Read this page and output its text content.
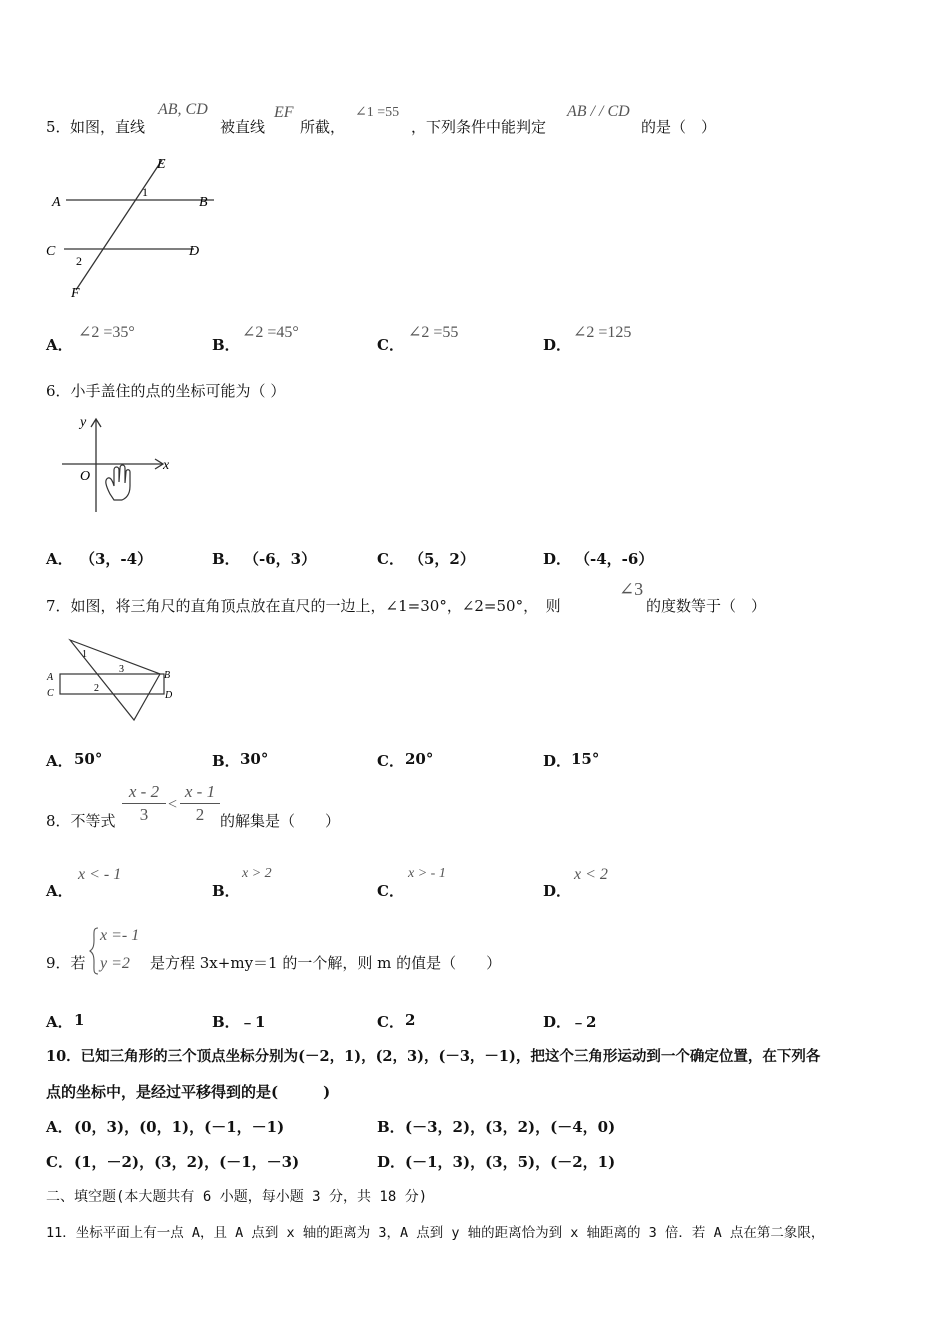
5． 如图，直线
AB, CD
被直线
EF
所截，
∠1 =55
，下列条件中能判定
AB / / CD
的是（　）
E
A	B
1
C	D
2
F
A．
∠2 =35°
B．
∠2 =45°
C．
∠2 =55
D．
∠2 =125
6．小手盖住的点的坐标可能为（ ）
y
x
O
A． （3，-4）	B． （-6，3）	C． （5，2）	D． （-4，-6）
7．如图，将三角尺的直角顶点放在直尺的一边上，∠1=30°，∠2=50°，　则
∠3
的度数等于（　）
A
C
B
D
1
2
3
A． 50°	B． 30°	C． 20°	D． 15°
8．不等式
x - 2
3
<
x - 1
2	的解集是（　　）
A．
x < - 1
B．
x > 2
C．
x > - 1
D．
x < 2
9．若
x =- 1
y =2 是方程 3x+my＝1 的一个解，则 m 的值是（　　）
A． 1	B． ﹣1	C． 2	D． ﹣2
10．已知三角形的三个顶点坐标分别为(－2，1)，(2，3)，(－3，－1)，把这个三角形运动到一个确定位置，在下列各
点的坐标中，是经过平移得到的是(　　　)
A． (0，3)，(0，1)，(－1，－1)	B． (－3，2)，(3，2)，(－4，0)
C． (1，－2)，(3，2)，(－1，－3)	D． (－1，3)，(3，5)，(－2，1)
二、填空题(本大题共有 6 小题，每小题 3 分，共 18 分)
11．坐标平面上有一点 A，且 A 点到 x 轴的距离为 3，A 点到 y 轴的距离恰为到 x 轴距离的 3 倍．若 A 点在第二象限，
